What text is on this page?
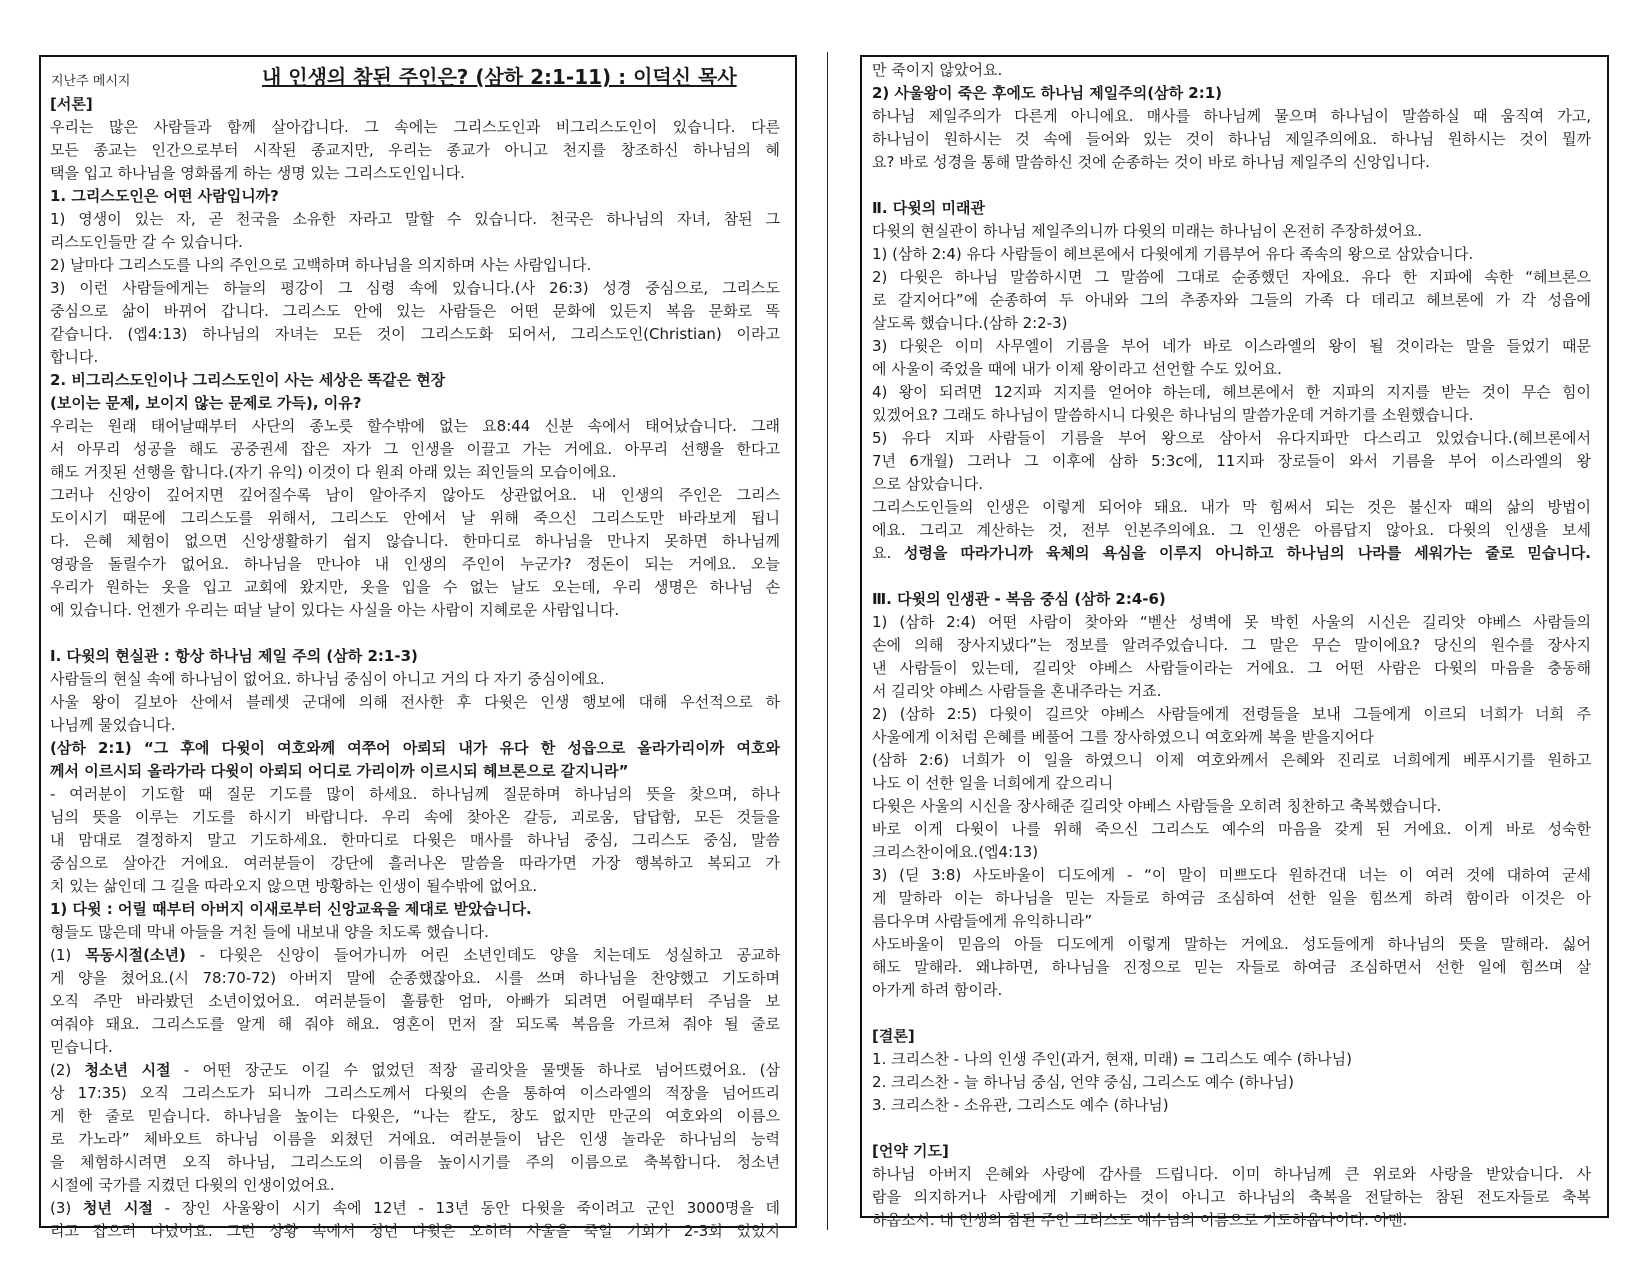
지난주 메시지	내 인생의 참된 주인은? (삼하 2:1-11) : 이덕신 목사
[서론]
우리는 많은 사람들과 함께 살아갑니다. 그 속에는 그리스도인과 비그리스도인이 있습니다. 다른
모든 종교는 인간으로부터 시작된 종교지만, 우리는 종교가 아니고 천지를 창조하신 하나님의 혜
택을 입고 하나님을 영화롭게 하는 생명 있는 그리스도인입니다.
1. 그리스도인은 어떤 사람입니까?
1) 영생이 있는 자, 곧 천국을 소유한 자라고 말할 수 있습니다. 천국은 하나님의 자녀, 참된 그
리스도인들만 갈 수 있습니다.
2) 날마다 그리스도를 나의 주인으로 고백하며 하나님을 의지하며 사는 사람입니다.
3) 이런 사람들에게는 하늘의 평강이 그 심령 속에 있습니다.(사 26:3) 성경 중심으로, 그리스도
중심으로 삶이 바뀌어 갑니다. 그리스도 안에 있는 사람들은 어떤 문화에 있든지 복음 문화로 똑
같습니다. (엡4:13) 하나님의 자녀는 모든 것이 그리스도화 되어서, 그리스도인(Christian) 이라고
합니다.
2. 비그리스도인이나 그리스도인이 사는 세상은 똑같은 현장
(보이는 문제, 보이지 않는 문제로 가득), 이유?
우리는 원래 태어날때부터 사단의 종노릇 할수밖에 없는 요8:44 신분 속에서 태어났습니다. 그래
서 아무리 성공을 해도 공중권세 잡은 자가 그 인생을 이끌고 가는 거에요. 아무리 선행을 한다고
해도 거짓된 선행을 합니다.(자기 유익) 이것이 다 원죄 아래 있는 죄인들의 모습이에요.
그러나 신앙이 깊어지면 깊어질수록 남이 알아주지 않아도 상관없어요. 내 인생의 주인은 그리스
도이시기 때문에 그리스도를 위해서, 그리스도 안에서 날 위해 죽으신 그리스도만 바라보게 됩니
다. 은혜 체험이 없으면 신앙생활하기 쉽지 않습니다. 한마디로 하나님을 만나지 못하면 하나님께
영광을 돌릴수가 없어요. 하나님을 만나야 내 인생의 주인이 누군가? 정돈이 되는 거에요. 오늘
우리가 원하는 옷을 입고 교회에 왔지만, 옷을 입을 수 없는 날도 오는데, 우리 생명은 하나님 손
에 있습니다. 언젠가 우리는 떠날 날이 있다는 사실을 아는 사람이 지혜로운 사람입니다.
Ⅰ. 다윗의 현실관 : 항상 하나님 제일 주의 (삼하 2:1-3)
사람들의 현실 속에 하나님이 없어요. 하나님 중심이 아니고 거의 다 자기 중심이에요.
사울 왕이 길보아 산에서 블레셋 군대에 의해 전사한 후 다윗은 인생 행보에 대해 우선적으로 하
나님께 물었습니다.
(삼하 2:1) “그 후에 다윗이 여호와께 여쭈어 아뢰되 내가 유다 한 성읍으로 올라가리이까 여호와
께서 이르시되 올라가라 다윗이 아뢰되 어디로 가리이까 이르시되 헤브론으로 갈지니라”
- 여러분이 기도할 때 질문 기도를 많이 하세요. 하나님께 질문하며 하나님의 뜻을 찾으며, 하나
님의 뜻을 이루는 기도를 하시기 바랍니다. 우리 속에 찾아온 갈등, 괴로움, 답답함, 모든 것들을
내 맘대로 결정하지 말고 기도하세요. 한마디로 다윗은 매사를 하나님 중심, 그리스도 중심, 말씀
중심으로 살아간 거에요. 여러분들이 강단에 흘러나온 말씀을 따라가면 가장 행복하고 복되고 가
치 있는 삶인데 그 길을 따라오지 않으면 방황하는 인생이 될수밖에 없어요.
1) 다윗 : 어릴 때부터 아버지 이새로부터 신앙교육을 제대로 받았습니다.
형들도 많은데 막내 아들을 거친 들에 내보내 양을 치도록 했습니다.
(1) 목동시절(소년) - 다윗은 신앙이 들어가니까 어린 소년인데도 양을 치는데도 성실하고 공교하
게 양을 쳤어요.(시 78:70-72) 아버지 말에 순종했잖아요. 시를 쓰며 하나님을 찬양했고 기도하며
오직 주만 바라봤던 소년이었어요. 여러분들이 훌륭한 엄마, 아빠가 되려면 어릴때부터 주님을 보
여줘야 돼요. 그리스도를 알게 해 줘야 해요. 영혼이 먼저 잘 되도록 복음을 가르쳐 줘야 될 줄로
믿습니다.
(2) 청소년 시절 - 어떤 장군도 이길 수 없었던 적장 골리앗을 물맷돌 하나로 넘어뜨렸어요. (삼
상 17:35) 오직 그리스도가 되니까 그리스도께서 다윗의 손을 통하여 이스라엘의 적장을 넘어뜨리
게 한 줄로 믿습니다. 하나님을 높이는 다윗은, “나는 칼도, 창도 없지만 만군의 여호와의 이름으
로 가노라” 체바오트 하나님 이름을 외쳤던 거에요. 여러분들이 남은 인생 놀라운 하나님의 능력
을 체험하시려면 오직 하나님, 그리스도의 이름을 높이시기를 주의 이름으로 축복합니다. 청소년
시절에 국가를 지켰던 다윗의 인생이었어요.
(3) 청년 시절 - 장인 사울왕이 시기 속에 12년 - 13년 동안 다윗을 죽이려고 군인 3000명을 데
리고 잡으러 다녔어요. 그런 상황 속에서 청년 다윗은 오히려 사울을 죽일 기회가 2-3회 있었지
만 죽이지 않았어요.
2) 사울왕이 죽은 후에도 하나님 제일주의(삼하 2:1)
하나님 제일주의가 다른게 아니에요. 매사를 하나님께 물으며 하나님이 말씀하실 때 움직여 가고,
하나님이 원하시는 것 속에 들어와 있는 것이 하나님 제일주의에요. 하나님 원하시는 것이 뭘까
요? 바로 성경을 통해 말씀하신 것에 순종하는 것이 바로 하나님 제일주의 신앙입니다.
Ⅱ. 다윗의 미래관
다윗의 현실관이 하나님 제일주의니까 다윗의 미래는 하나님이 온전히 주장하셨어요.
1) (삼하 2:4) 유다 사람들이 헤브론에서 다윗에게 기름부어 유다 족속의 왕으로 삼았습니다.
2) 다윗은 하나님 말씀하시면 그 말씀에 그대로 순종했던 자에요. 유다 한 지파에 속한 “헤브론으
로 갈지어다”에 순종하여 두 아내와 그의 추종자와 그들의 가족 다 데리고 헤브론에 가 각 성읍에
살도록 했습니다.(삼하 2:2-3)
3) 다윗은 이미 사무엘이 기름을 부어 네가 바로 이스라엘의 왕이 될 것이라는 말을 들었기 때문
에 사울이 죽었을 때에 내가 이제 왕이라고 선언할 수도 있어요.
4) 왕이 되려면 12지파 지지를 얻어야 하는데, 헤브론에서 한 지파의 지지를 받는 것이 무슨 힘이
있겠어요? 그래도 하나님이 말씀하시니 다윗은 하나님의 말씀가운데 거하기를 소원했습니다.
5) 유다 지파 사람들이 기름을 부어 왕으로 삼아서 유다지파만 다스리고 있었습니다.(헤브론에서
7년 6개월) 그러나 그 이후에 삼하 5:3c에, 11지파 장로들이 와서 기름을 부어 이스라엘의 왕
으로 삼았습니다.
그리스도인들의 인생은 이렇게 되어야 돼요. 내가 막 힘써서 되는 것은 불신자 때의 삶의 방법이
에요. 그리고 계산하는 것, 전부 인본주의에요. 그 인생은 아름답지 않아요. 다윗의 인생을 보세
요. 성령을 따라가니까 육체의 욕심을 이루지 아니하고 하나님의 나라를 세워가는 줄로 믿습니다.
Ⅲ. 다윗의 인생관 - 복음 중심 (삼하 2:4-6)
1) (삼하 2:4) 어떤 사람이 찾아와 “벧산 성벽에 못 박힌 사울의 시신은 길리앗 야베스 사람들의
손에 의해 장사지냈다”는 정보를 알려주었습니다. 그 말은 무슨 말이에요? 당신의 원수를 장사지
낸 사람들이 있는데, 길리앗 야베스 사람들이라는 거에요. 그 어떤 사람은 다윗의 마음을 충동해
서 길리앗 야베스 사람들을 혼내주라는 거죠.
2) (삼하 2:5) 다윗이 길르앗 야베스 사람들에게 전령들을 보내 그들에게 이르되 너희가 너희 주
사울에게 이처럼 은혜를 베풀어 그를 장사하였으니 여호와께 복을 받을지어다
(삼하 2:6) 너희가 이 일을 하였으니 이제 여호와께서 은혜와 진리로 너희에게 베푸시기를 원하고
나도 이 선한 일을 너희에게 갚으리니
다윗은 사울의 시신을 장사해준 길리앗 야베스 사람들을 오히려 칭찬하고 축복했습니다.
바로 이게 다윗이 나를 위해 죽으신 그리스도 예수의 마음을 갖게 된 거에요. 이게 바로 성숙한
크리스찬이에요.(엡4:13)
3) (딛 3:8) 사도바울이 디도에게 - “이 말이 미쁘도다 원하건대 너는 이 여러 것에 대하여 굳세
게 말하라 이는 하나님을 믿는 자들로 하여금 조심하여 선한 일을 힘쓰게 하려 함이라 이것은 아
름다우며 사람들에게 유익하니라”
사도바울이 믿음의 아들 디도에게 이렇게 말하는 거에요. 성도들에게 하나님의 뜻을 말해라. 싫어
해도 말해라. 왜냐하면, 하나님을 진정으로 믿는 자들로 하여금 조심하면서 선한 일에 힘쓰며 살
아가게 하려 함이라.
[결론]
1. 크리스찬 - 나의 인생 주인(과거, 현재, 미래) = 그리스도 예수 (하나님)
2. 크리스찬 - 늘 하나님 중심, 언약 중심, 그리스도 예수 (하나님)
3. 크리스찬 - 소유관, 그리스도 예수 (하나님)
[언약 기도]
하나님 아버지 은혜와 사랑에 감사를 드립니다. 이미 하나님께 큰 위로와 사랑을 받았습니다. 사
람을 의지하거나 사람에게 기뻐하는 것이 아니고 하나님의 축복을 전달하는 참된 전도자들로 축복
하옵소서. 내 인생의 참된 주인 그리스도 예수님의 이름으로 기도하옵나이다. 아멘.
